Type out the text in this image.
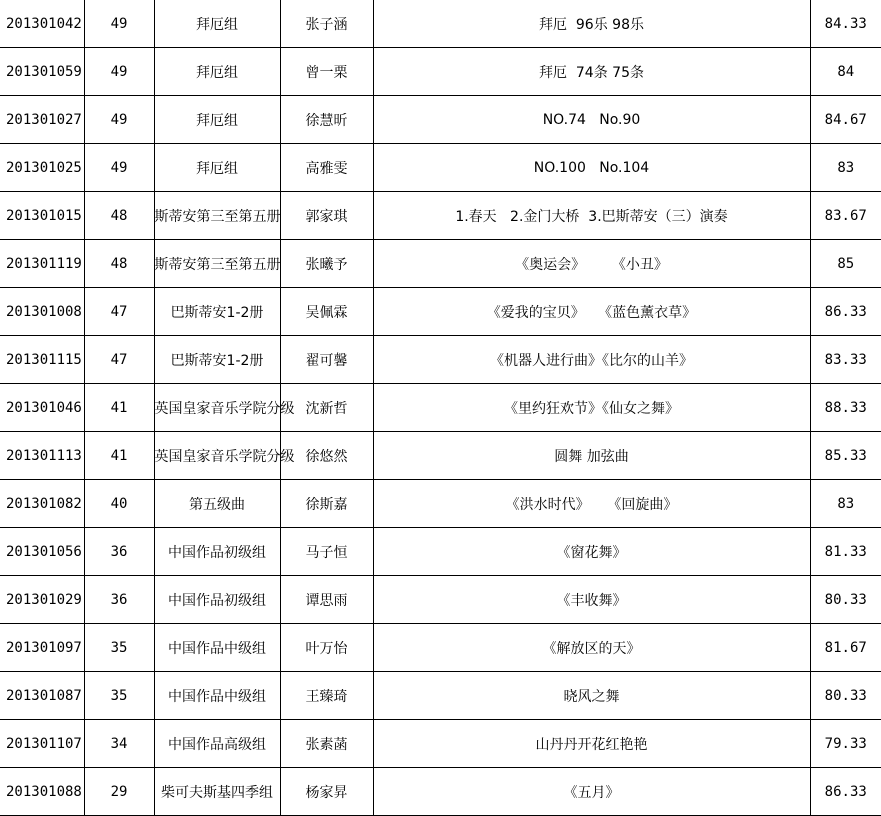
201301042	49	拜厄组	张子涵	拜厄  96乐 98乐	84.33
201301059	49	拜厄组	曾一栗	拜厄  74条 75条	84
201301027	49	拜厄组	徐慧昕	NO.74   No.90	84.67
201301025	49	拜厄组	高雅雯	NO.100   No.104	83
201301015	48	斯蒂安第三至第五册	郭家琪	1.春天   2.金门大桥  3.巴斯蒂安（三）演奏	83.67
201301119	48	斯蒂安第三至第五册	张曦予	《奥运会》      《小丑》	85
201301008	47	巴斯蒂安1-2册	吴佩霖	《爱我的宝贝》   《蓝色薰衣草》	86.33
201301115	47	巴斯蒂安1-2册	翟可馨	《机器人进行曲》《比尔的山羊》	83.33
201301046	41	英国皇家音乐学院分级	沈新哲	《里约狂欢节》《仙女之舞》	88.33
201301113	41	英国皇家音乐学院分级	徐悠然	圆舞 加弦曲	85.33
201301082	40	第五级曲	徐斯嘉	《洪水时代》    《回旋曲》	83
201301056	36	中国作品初级组	马子恒	《窗花舞》	81.33
201301029	36	中国作品初级组	谭思雨	《丰收舞》	80.33
201301097	35	中国作品中级组	叶万怡	《解放区的天》	81.67
201301087	35	中国作品中级组	王臻琦	晓风之舞	80.33
201301107	34	中国作品高级组	张素菡	山丹丹开花红艳艳	79.33
201301088	29	柴可夫斯基四季组	杨家昇	《五月》	86.33
